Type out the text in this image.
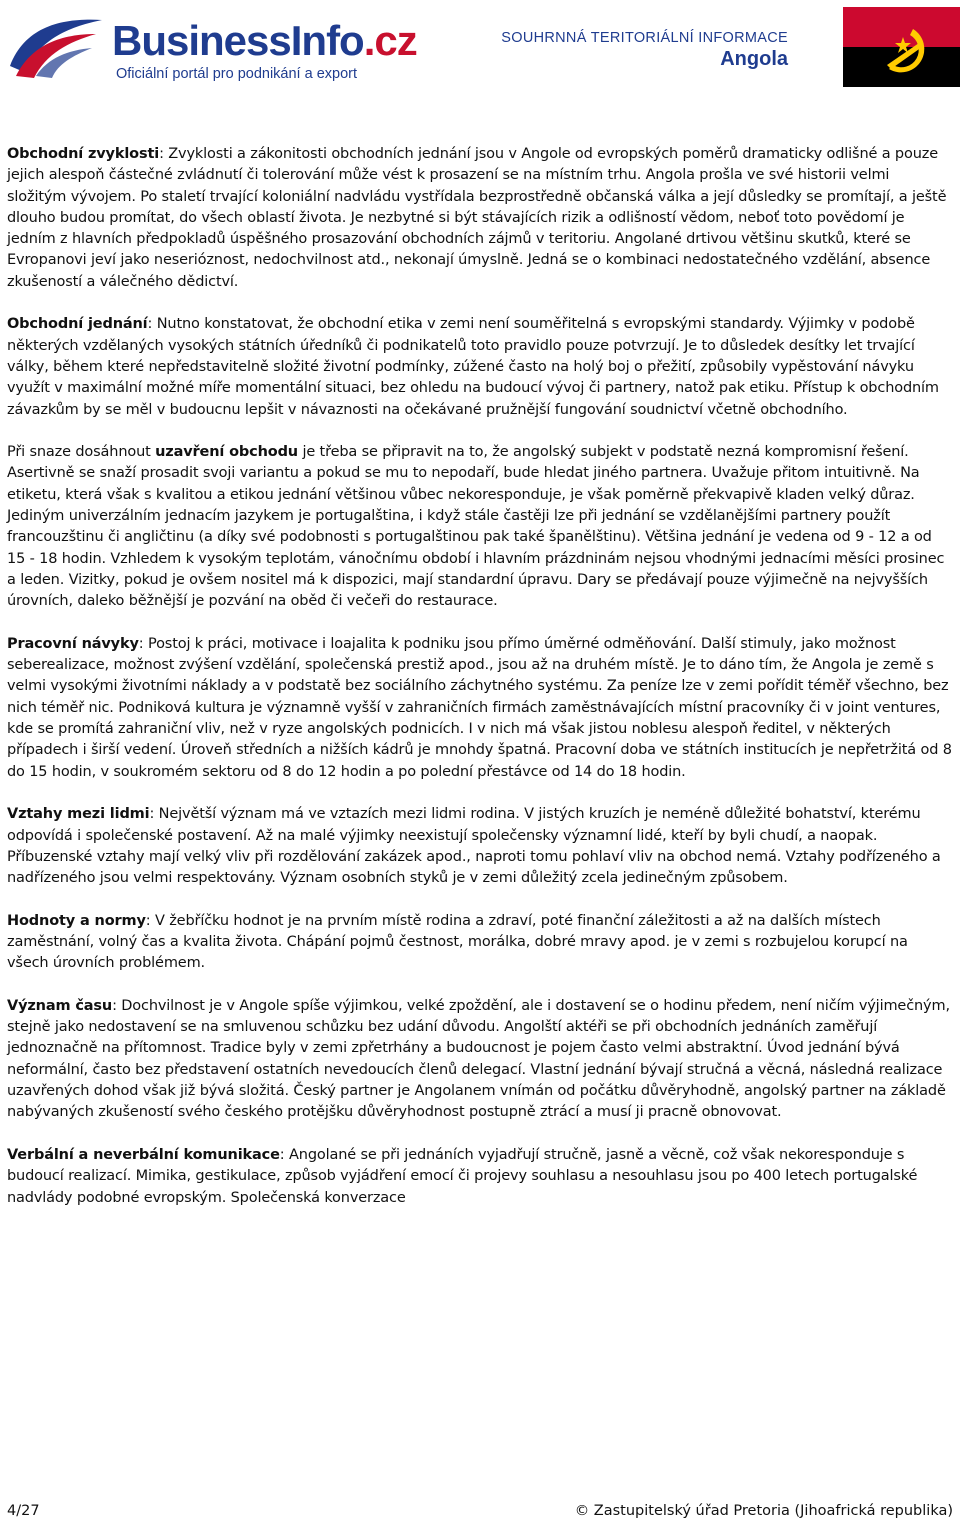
BusinessInfo.cz
Oficiální portál pro podnikání a export
SOUHRNNÁ TERITORIÁLNÍ INFORMACE
Angola

Obchodní zvyklosti: Zvyklosti a zákonitosti obchodních jednání jsou v Angole od evropských poměrů dramaticky odlišné a pouze jejich alespoň částečné zvládnutí či tolerování může vést k prosazení se na místním trhu. Angola prošla ve své historii velmi složitým vývojem. Po staletí trvající koloniální nadvládu vystřídala bezprostředně občanská válka a její důsledky se promítají, a ještě dlouho budou promítat, do všech oblastí života. Je nezbytné si být stávajících rizik a odlišností vědom, neboť toto povědomí je jedním z hlavních předpokladů úspěšného prosazování obchodních zájmů v teritoriu. Angolané drtivou většinu skutků, které se Evropanovi jeví jako neserióznost, nedochvilnost atd., nekonají úmyslně. Jedná se o kombinaci nedostatečného vzdělání, absence zkušeností a válečného dědictví.

Obchodní jednání: Nutno konstatovat, že obchodní etika v zemi není souměřitelná s evropskými standardy. Výjimky v podobě některých vzdělaných vysokých státních úředníků či podnikatelů toto pravidlo pouze potvrzují. Je to důsledek desítky let trvající války, během které nepředstavitelně složité životní podmínky, zúžené často na holý boj o přežití, způsobily vypěstování návyku využít v maximální možné míře momentální situaci, bez ohledu na budoucí vývoj či partnery, natož pak etiku. Přístup k obchodním závazkům by se měl v budoucnu lepšit v návaznosti na očekávané pružnější fungování soudnictví včetně obchodního.

Při snaze dosáhnout uzavření obchodu je třeba se připravit na to, že angolský subjekt v podstatě nezná kompromisní řešení. Asertivně se snaží prosadit svoji variantu a pokud se mu to nepodaří, bude hledat jiného partnera. Uvažuje přitom intuitivně. Na etiketu, která však s kvalitou a etikou jednání většinou vůbec nekoresponduje, je však poměrně překvapivě kladen velký důraz. Jediným univerzálním jednacím jazykem je portugalština, i když stále častěji lze při jednání se vzdělanějšími partnery použít francouzštinu či angličtinu (a díky své podobnosti s portugalštinou pak také španělštinu). Většina jednání je vedena od 9 - 12 a od 15 - 18 hodin. Vzhledem k vysokým teplotám, vánočnímu období i hlavním prázdninám nejsou vhodnými jednacími měsíci prosinec a leden. Vizitky, pokud je ovšem nositel má k dispozici, mají standardní úpravu. Dary se předávají pouze výjimečně na nejvyšších úrovních, daleko běžnější je pozvání na oběd či večeři do restaurace.

Pracovní návyky: Postoj k práci, motivace i loajalita k podniku jsou přímo úměrné odměňování. Další stimuly, jako možnost seberealizace, možnost zvýšení vzdělání, společenská prestiž apod., jsou až na druhém místě. Je to dáno tím, že Angola je země s velmi vysokými životními náklady a v podstatě bez sociálního záchytného systému. Za peníze lze v zemi pořídit téměř všechno, bez nich téměř nic. Podniková kultura je významně vyšší v zahraničních firmách zaměstnávajících místní pracovníky či v joint ventures, kde se promítá zahraniční vliv, než v ryze angolských podnicích. I v nich má však jistou noblesu alespoň ředitel, v některých případech i širší vedení. Úroveň středních a nižších kádrů je mnohdy špatná. Pracovní doba ve státních institucích je nepřetržitá od 8 do 15 hodin, v soukromém sektoru od 8 do 12 hodin a po polední přestávce od 14 do 18 hodin.

Vztahy mezi lidmi: Největší význam má ve vztazích mezi lidmi rodina. V jistých kruzích je neméně důležité bohatství, kterému odpovídá i společenské postavení. Až na malé výjimky neexistují společensky významní lidé, kteří by byli chudí, a naopak. Příbuzenské vztahy mají velký vliv při rozdělování zakázek apod., naproti tomu pohlaví vliv na obchod nemá. Vztahy podřízeného a nadřízeného jsou velmi respektovány. Význam osobních styků je v zemi důležitý zcela jedinečným způsobem.

Hodnoty a normy: V žebříčku hodnot je na prvním místě rodina a zdraví, poté finanční záležitosti a až na dalších místech zaměstnání, volný čas a kvalita života. Chápání pojmů čestnost, morálka, dobré mravy apod. je v zemi s rozbujelou korupcí na všech úrovních problémem.

Význam času: Dochvilnost je v Angole spíše výjimkou, velké zpoždění, ale i dostavení se o hodinu předem, není ničím výjimečným, stejně jako nedostavení se na smluvenou schůzku bez udání důvodu. Angolští aktéři se při obchodních jednáních zaměřují jednoznačně na přítomnost. Tradice byly v zemi zpřetrhány a budoucnost je pojem často velmi abstraktní. Úvod jednání bývá neformální, často bez představení ostatních nevedoucích členů delegací. Vlastní jednání bývají stručná a věcná, následná realizace uzavřených dohod však již bývá složitá. Český partner je Angolanem vnímán od počátku důvěryhodně, angolský partner na základě nabývaných zkušeností svého českého protějšku důvěryhodnost postupně ztrácí a musí ji pracně obnovovat.

Verbální a neverbální komunikace: Angolané se při jednáních vyjadřují stručně, jasně a věcně, což však nekoresponduje s budoucí realizací. Mimika, gestikulace, způsob vyjádření emocí či projevy souhlasu a nesouhlasu jsou po 400 letech portugalské nadvlády podobné evropským. Společenská konverzace

4/27	© Zastupitelský úřad Pretoria (Jihoafrická republika)
